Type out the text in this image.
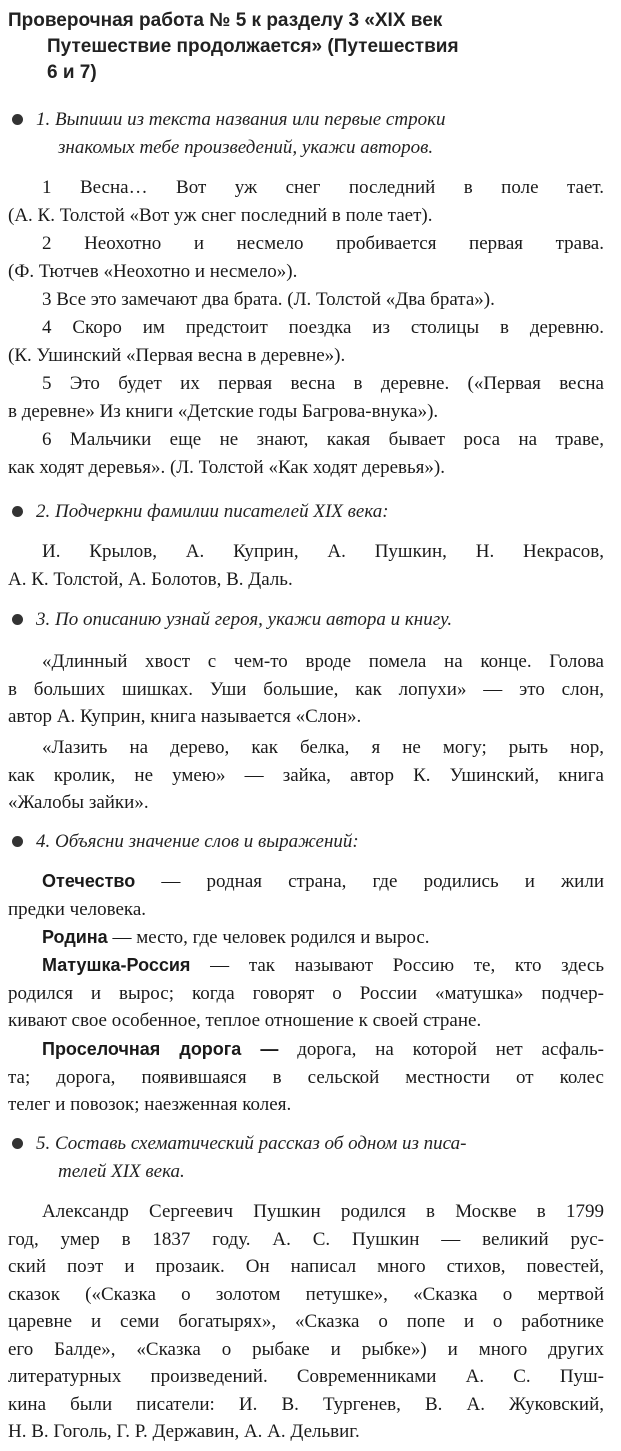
Проверочная работа № 5 к разделу 3 «XIX век
Путешествие продолжается» (Путешествия
6 и 7)
1. Выпиши из текста названия или первые строки
знакомых тебе произведений, укажи авторов.
1 Весна… Вот уж снег последний в поле тает.
(А. К. Толстой «Вот уж снег последний в поле тает).
2 Неохотно и несмело пробивается первая трава.
(Ф. Тютчев «Неохотно и несмело»).
3 Все это замечают два брата. (Л. Толстой «Два брата»).
4 Скоро им предстоит поездка из столицы в деревню.
(К. Ушинский «Первая весна в деревне»).
5 Это будет их первая весна в деревне. («Первая весна
в деревне» Из книги «Детские годы Багрова-внука»).
6 Мальчики еще не знают, какая бывает роса на траве,
как ходят деревья». (Л. Толстой «Как ходят деревья»).
2. Подчеркни фамилии писателей XIX века:
И. Крылов, А. Куприн, А. Пушкин, Н. Некрасов,
А. К. Толстой, А. Болотов, В. Даль.
3. По описанию узнай героя, укажи автора и книгу.
«Длинный хвост с чем-то вроде помела на конце. Голова
в больших шишках. Уши большие, как лопухи» — это слон,
автор А. Куприн, книга называется «Слон».
«Лазить на дерево, как белка, я не могу; рыть нор,
как кролик, не умею» — зайка, автор К. Ушинский, книга
«Жалобы зайки».
4. Объясни значение слов и выражений:
Отечество — родная страна, где родились и жили
предки человека.
Родина — место, где человек родился и вырос.
Матушка-Россия — так называют Россию те, кто здесь
родился и вырос; когда говорят о России «матушка» подчер-
кивают свое особенное, теплое отношение к своей стране.
Проселочная дорога — дорога, на которой нет асфаль-
та; дорога, появившаяся в сельской местности от колес
телег и повозок; наезженная колея.
5. Составь схематический рассказ об одном из писа-
телей XIX века.
Александр Сергеевич Пушкин родился в Москве в 1799
год, умер в 1837 году. А. С. Пушкин — великий рус-
ский поэт и прозаик. Он написал много стихов, повестей,
сказок («Сказка о золотом петушке», «Сказка о мертвой
царевне и семи богатырях», «Сказка о попе и о работнике
его Балде», «Сказка о рыбаке и рыбке») и много других
литературных произведений. Современниками А. С. Пуш-
кина были писатели: И. В. Тургенев, В. А. Жуковский,
Н. В. Гоголь, Г. Р. Державин, А. А. Дельвиг.
